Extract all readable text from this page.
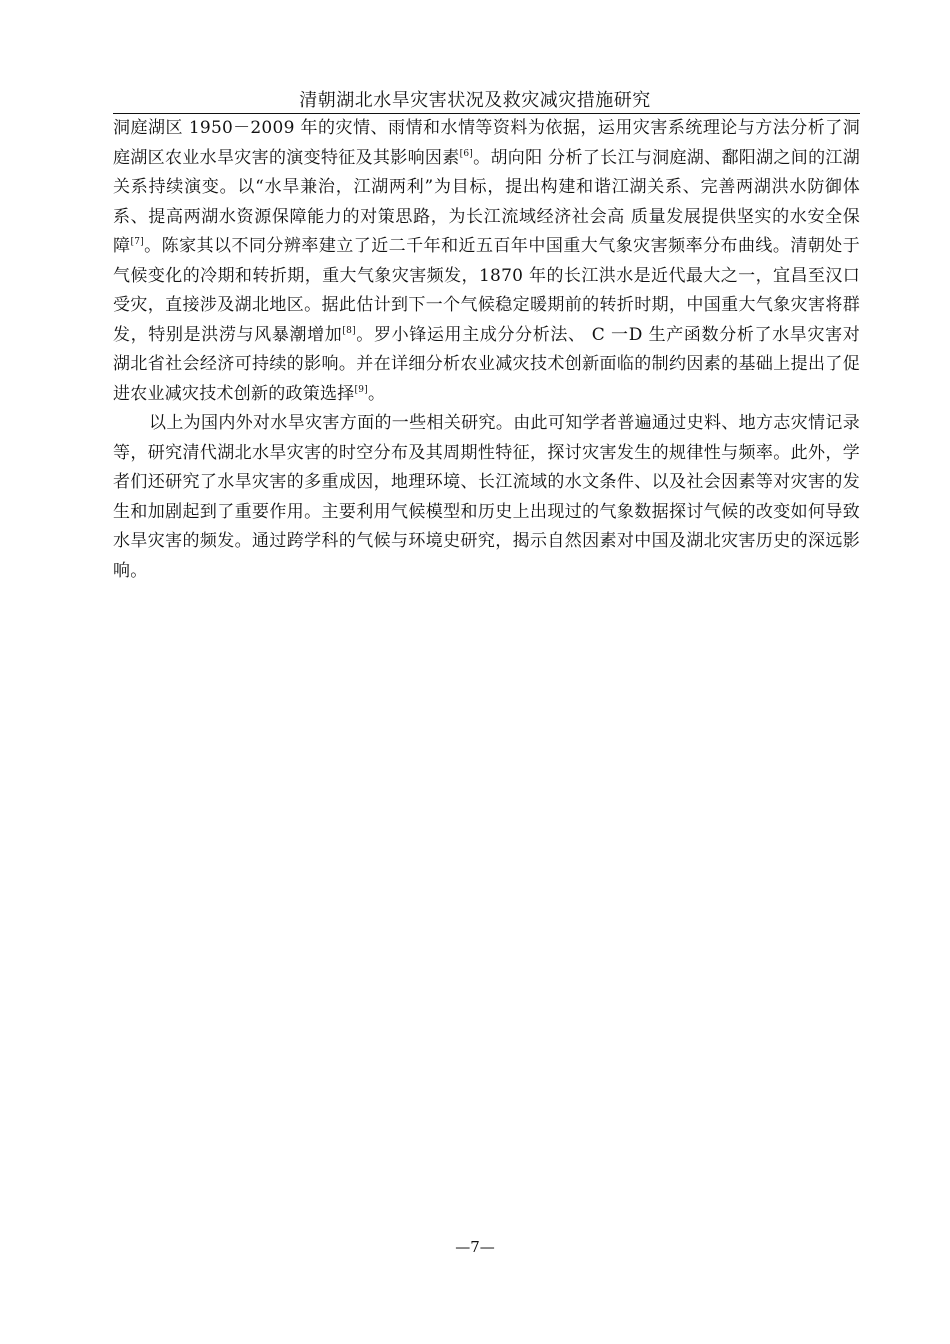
清朝湖北水旱灾害状况及救灾减灾措施研究

洞庭湖区 1950－2009 年的灾情、雨情和水情等资料为依据，运用灾害系统理论与方法分析了洞庭湖区农业水旱灾害的演变特征及其影响因素[6]。胡向阳 分析了长江与洞庭湖、鄱阳湖之间的江湖关系持续演变。以“水旱兼治，江湖两利”为目标，提出构建和谐江湖关系、完善两湖洪水防御体系、提高两湖水资源保障能力的对策思路，为长江流域经济社会高 质量发展提供坚实的水安全保障[7]。陈家其以不同分辨率建立了近二千年和近五百年中国重大气象灾害频率分布曲线。清朝处于气候变化的冷期和转折期，重大气象灾害频发，1870 年的长江洪水是近代最大之一，宜昌至汉口受灾，直接涉及湖北地区。据此估计到下一个气候稳定暖期前的转折时期，中国重大气象灾害将群发，特别是洪涝与风暴潮增加[8]。罗小锋运用主成分分析法、 C 一D 生产函数分析了水旱灾害对湖北省社会经济可持续的影响。并在详细分析农业减灾技术创新面临的制约因素的基础上提出了促进农业减灾技术创新的政策选择[9]。

以上为国内外对水旱灾害方面的一些相关研究。由此可知学者普遍通过史料、地方志灾情记录等，研究清代湖北水旱灾害的时空分布及其周期性特征，探讨灾害发生的规律性与频率。此外，学者们还研究了水旱灾害的多重成因，地理环境、长江流域的水文条件、以及社会因素等对灾害的发生和加剧起到了重要作用。主要利用气候模型和历史上出现过的气象数据探讨气候的改变如何导致水旱灾害的频发。通过跨学科的气候与环境史研究，揭示自然因素对中国及湖北灾害历史的深远影响。

—7—
